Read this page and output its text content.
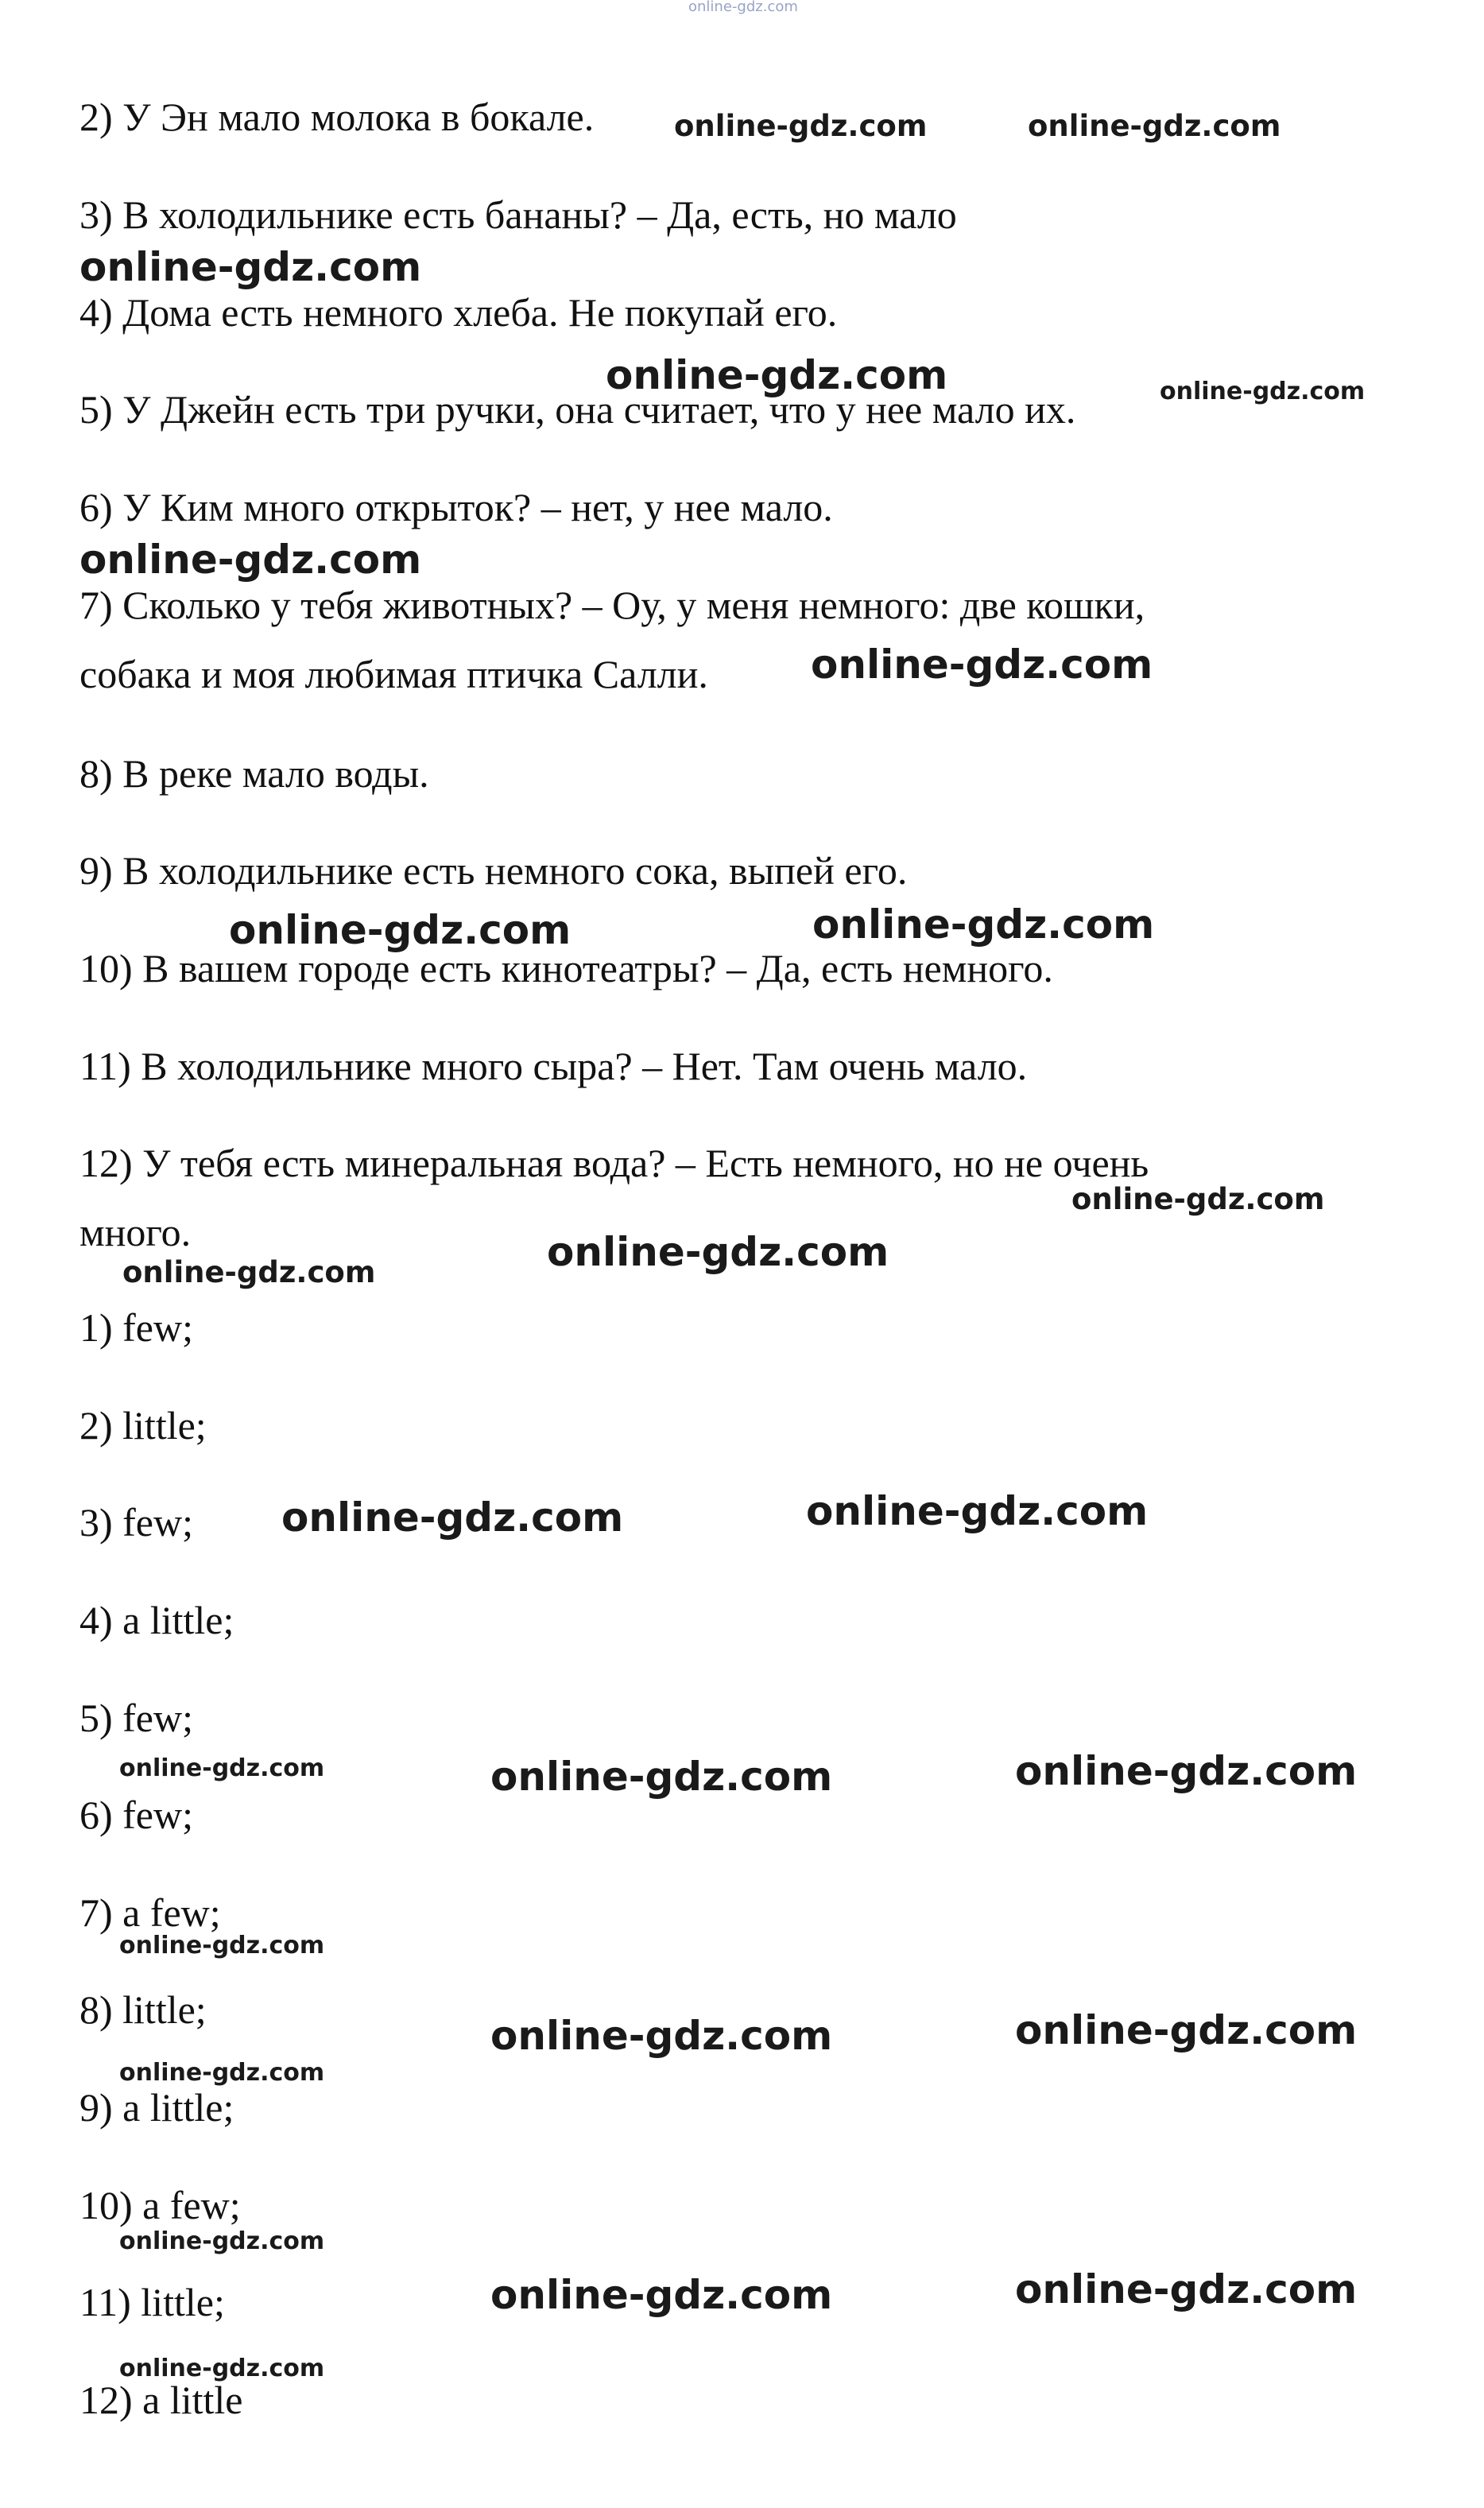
online-gdz.com
2) У Эн мало молока в бокале.
3) В холодильнике есть бананы? – Да, есть, но мало
4) Дома есть немного хлеба. Не покупай его.
5) У Джейн есть три ручки, она считает, что у нее мало их.
6) У Ким много открыток? – нет, у нее мало.
7) Сколько у тебя животных? – Оу, у меня немного: две кошки,
собака и моя любимая птичка Салли.
8) В реке мало воды.
9) В холодильнике есть немного сока, выпей его.
10) В вашем городе есть кинотеатры? – Да, есть немного.
11) В холодильнике много сыра? – Нет. Там очень мало.
12) У тебя есть минеральная вода? – Есть немного, но не очень
много.
1) few;
2) little;
3) few;
4) a little;
5) few;
6) few;
7) a few;
8) little;
9) a little;
10) a few;
11) little;
12) a little
online-gdz.com	online-gdz.com
online-gdz.com
online-gdz.com	online-gdz.com
online-gdz.com
online-gdz.com
online-gdz.com	online-gdz.com
online-gdz.com
online-gdz.com
online-gdz.com
online-gdz.com	online-gdz.com
online-gdz.com	online-gdz.com	online-gdz.com
online-gdz.com
online-gdz.com	online-gdz.com
online-gdz.com
online-gdz.com
online-gdz.com	online-gdz.com
online-gdz.com
